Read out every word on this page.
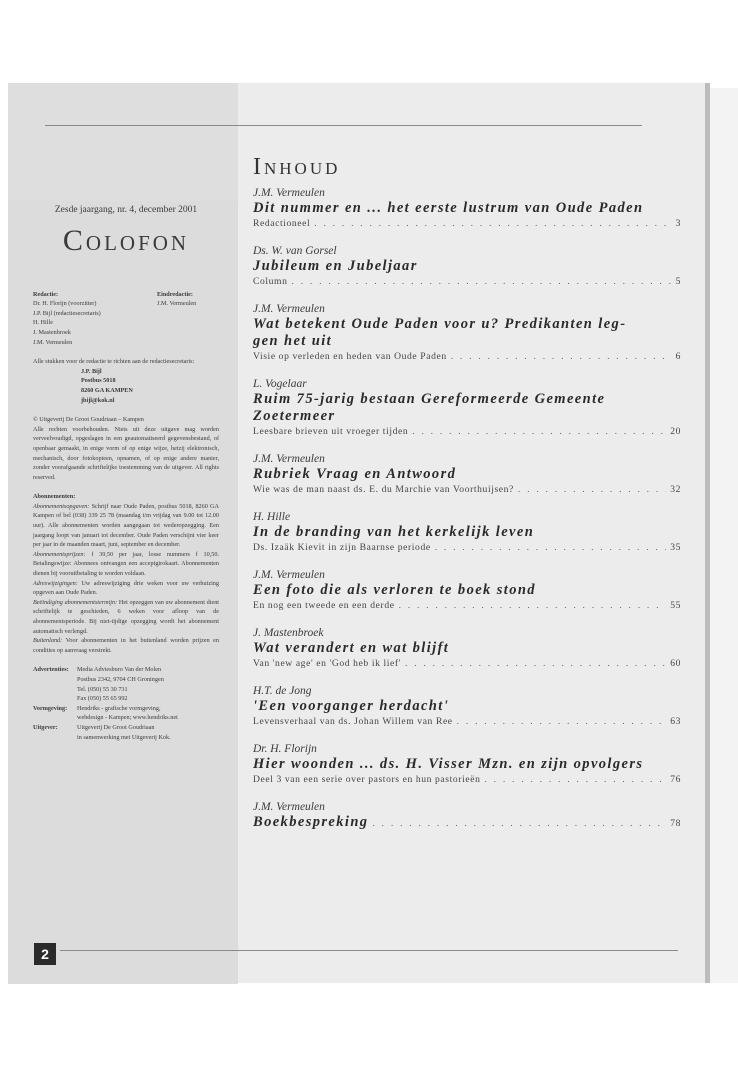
2
Zesde jaargang, nr. 4, december 2001
Colofon
Redactie:
Dr. H. Florijn (voorzitter)
J.P. Bijl (redactiesecretaris)
H. Hille
J. Mastenbroek
J.M. Vermeulen
Eindredactie:
J.M. Vermeulen
Alle stukken voor de redactie te richten aan de redactiesecretaris:
J.P. Bijl
Postbus 5018
8260 GA KAMPEN
jbijl@kok.nl
© Uitgeverij De Groot Goudriaan – Kampen
Alle rechten voorbehouden. Niets uit deze uitgave mag worden verveelvoudigd, opgeslagen in een geautomatiseerd gegevensbestand, of openbaar gemaakt, in enige vorm of op enige wijze, hetzij elektronisch, mechanisch, door fotokopieen, opnamen, of op enige andere manier, zonder voorafgaande schriftelijke toestemming van de uitgever. All rights reserved.
Abonnementen:
Abonnementsopgaven: Schrijf naar Oude Paden, postbus 5018, 8260 GA Kampen of bel (038) 339 25 78 (maandag t/m vrijdag van 9.00 tot 12.00 uur). Alle abonnementen worden aangegaan tot wederopzegging. Een jaargang loopt van januari tot december. Oude Paden verschijnt vier keer per jaar in de maanden maart, juni, september en december.
Abonnementsprijzen: f 39,50 per jaar, losse nummers f 10,50. Betalingswijze: Abonnees ontvangen een acceptgirokaart. Abonnementen dienen bij vooruitbetaling te worden voldaan.
Adreswijzigingen: Uw adreswijziging drie weken voor uw verhuizing opgeven aan Oude Paden.
Beëindiging abonnementstermijn: Het opzeggen van uw abonnement dient schriftelijk te geschieden, 6 weken voor afloop van de abonnementsperiode. Bij niet-tijdige opzegging wordt het abonnement automatisch verlengd.
Buitenland: Voor abonnementen in het buitenland worden prijzen en condities op aanvraag verstrekt.
Advertenties:	Media Adviesburo Van der Molen
Postbus 2342, 9704 CH Groningen
Tel. (050) 55 30 731
Fax (050) 55 65 992
Vormgeving:	Hendriks - grafische vormgeving,
webdesign - Kampen; www.hendriks.net
Uitgever:	Uitgeverij De Groot Goudriaan
in samenwerking met Uitgeverij Kok.
Inhoud
J.M. Vermeulen
Dit nummer en ... het eerste lustrum van Oude Paden
Redactioneel . . .	3
Ds. W. van Gorsel
Jubileum en Jubeljaar
Column . . .	5
J.M. Vermeulen
Wat betekent Oude Paden voor u? Predikanten leg-
gen het uit
Visie op verleden en heden van Oude Paden . . .	6
L. Vogelaar
Ruim 75-jarig bestaan Gereformeerde Gemeente
Zoetermeer
Leesbare brieven uit vroeger tijden . . .	20
J.M. Vermeulen
Rubriek Vraag en Antwoord
Wie was de man naast ds. E. du Marchie van Voorthuijsen? . . .	32
H. Hille
In de branding van het kerkelijk leven
Ds. Izaäk Kievit in zijn Baarnse periode . . .	35
J.M. Vermeulen
Een foto die als verloren te boek stond
En nog een tweede en een derde . . .	55
J. Mastenbroek
Wat verandert en wat blijft
Van 'new age' en 'God heb ik lief' . . .	60
H.T. de Jong
'Een voorganger herdacht'
Levensverhaal van ds. Johan Willem van Ree . . .	63
Dr. H. Florijn
Hier woonden ... ds. H. Visser Mzn. en zijn opvolgers
Deel 3 van een serie over pastors en hun pastorieën . . .	76
J.M. Vermeulen
Boekbespreking . . .	78
